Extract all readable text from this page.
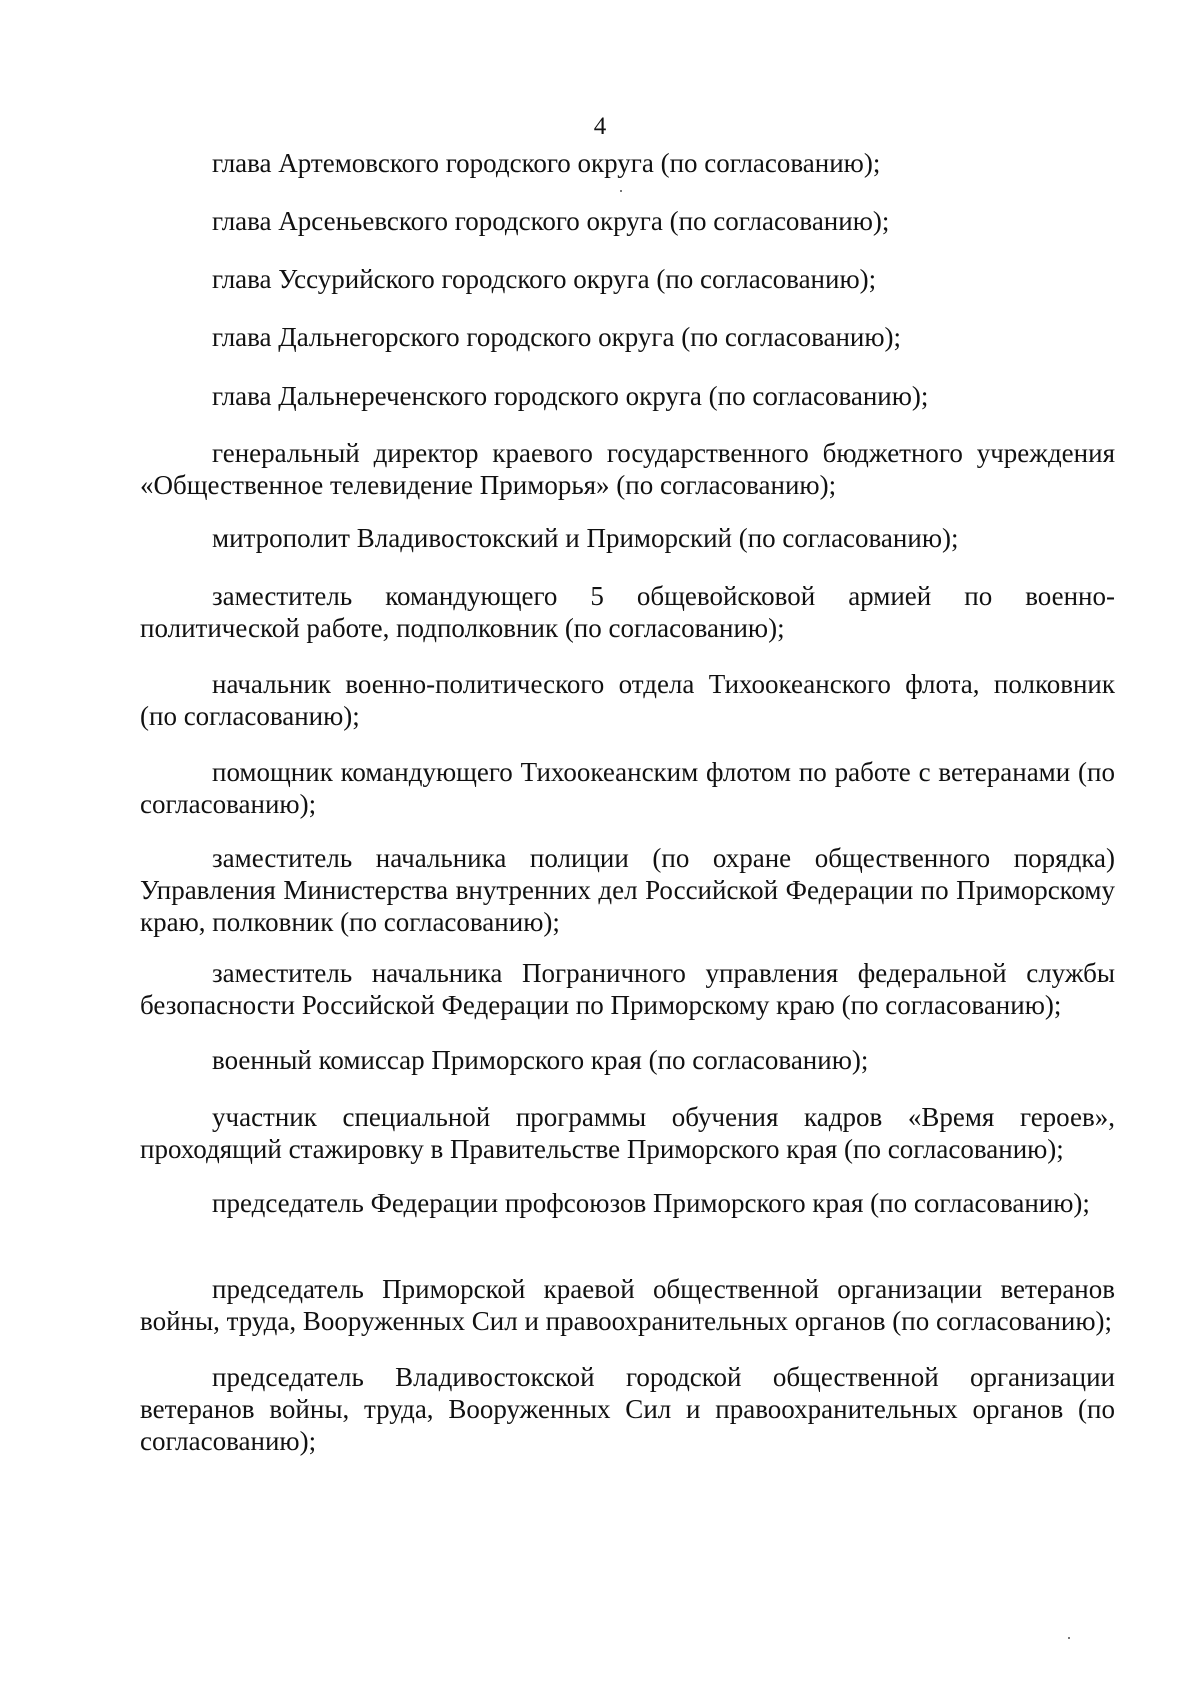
4

глава Артемовского городского округа (по согласованию);

глава Арсеньевского городского округа (по согласованию);

глава Уссурийского городского округа (по согласованию);

глава Дальнегорского городского округа (по согласованию);

глава Дальнереченского городского округа (по согласованию);

генеральный директор краевого государственного бюджетного учреждения «Общественное телевидение Приморья» (по согласованию);

митрополит Владивостокский и Приморский (по согласованию);

заместитель командующего 5 общевойсковой армией по военно-политической работе, подполковник (по согласованию);

начальник военно-политического отдела Тихоокеанского флота, полковник (по согласованию);

помощник командующего Тихоокеанским флотом по работе с ветеранами (по согласованию);

заместитель начальника полиции (по охране общественного порядка) Управления Министерства внутренних дел Российской Федерации по Приморскому краю, полковник (по согласованию);

заместитель начальника Пограничного управления федеральной службы безопасности Российской Федерации по Приморскому краю (по согласованию);

военный комиссар Приморского края (по согласованию);

участник специальной программы обучения кадров «Время героев», проходящий стажировку в Правительстве Приморского края (по согласованию);

председатель Федерации профсоюзов Приморского края (по согласованию);

председатель Приморской краевой общественной организации ветеранов войны, труда, Вооруженных Сил и правоохранительных органов (по согласованию);

председатель Владивостокской городской общественной организации ветеранов войны, труда, Вооруженных Сил и правоохранительных органов (по согласованию);
